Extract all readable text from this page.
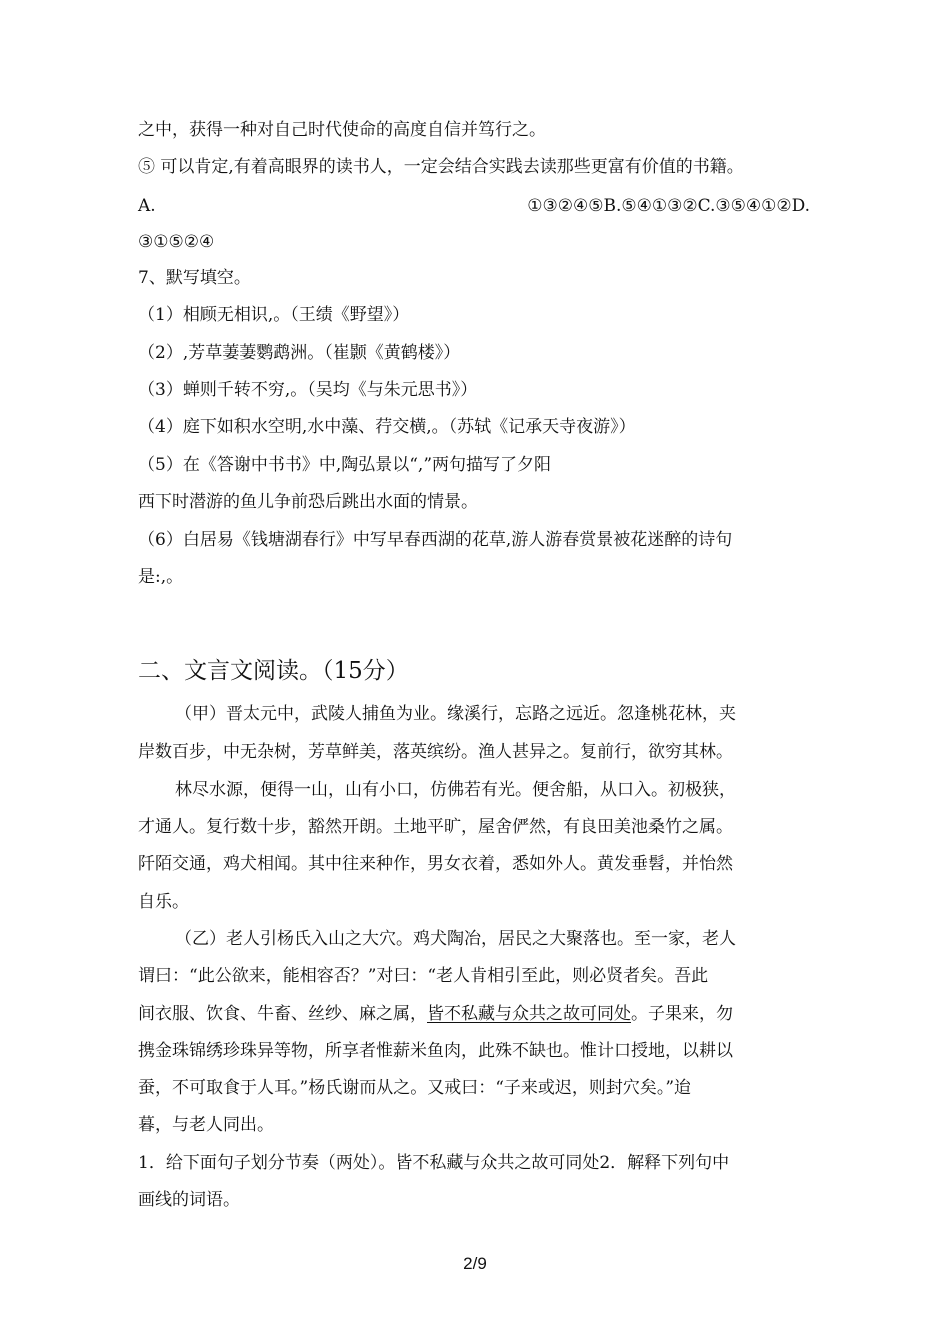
之中，获得一种对自己时代使命的高度自信并笃行之。
⑤ 可以肯定,有着高眼界的读书人，一定会结合实践去读那些更富有价值的书籍。
A.	①③②④⑤B.⑤④①③②C.③⑤④①②D.
③①⑤②④
7、默写填空。
（1）相顾无相识,。（王绩《野望》）
（2）,芳草萋萋鹦鹉洲。（崔颢《黄鹤楼》）
（3）蝉则千转不穷,。（吴均《与朱元思书》）
（4）庭下如积水空明,水中藻、荇交横,。（苏轼《记承天寺夜游》）
（5）在《答谢中书书》中,陶弘景以“,”两句描写了夕阳
西下时潜游的鱼儿争前恐后跳出水面的情景。
（6）白居易《钱塘湖春行》中写早春西湖的花草,游人游春赏景被花迷醉的诗句
是:,。
二、文言文阅读。（15分）
（甲）晋太元中，武陵人捕鱼为业。缘溪行，忘路之远近。忽逢桃花林，夹
岸数百步，中无杂树，芳草鲜美，落英缤纷。渔人甚异之。复前行，欲穷其林。
林尽水源，便得一山，山有小口，仿佛若有光。便舍船，从口入。初极狭，
才通人。复行数十步，豁然开朗。土地平旷，屋舍俨然，有良田美池桑竹之属。
阡陌交通，鸡犬相闻。其中往来种作，男女衣着，悉如外人。黄发垂髫，并怡然
自乐。
（乙）老人引杨氏入山之大穴。鸡犬陶冶，居民之大聚落也。至一家，老人
谓曰：“此公欲来，能相容否？”对曰：“老人肯相引至此，则必贤者矣。吾此
间衣服、饮食、牛畜、丝纱、麻之属，皆不私藏与众共之故可同处。子果来，勿
携金珠锦绣珍珠异等物，所享者惟薪米鱼肉，此殊不缺也。惟计口授地，以耕以
蚕，不可取食于人耳。”杨氏谢而从之。又戒曰：“子来或迟，则封穴矣。”迨
暮，与老人同出。
1．给下面句子划分节奏（两处）。皆不私藏与众共之故可同处2．解释下列句中
画线的词语。
2/9
